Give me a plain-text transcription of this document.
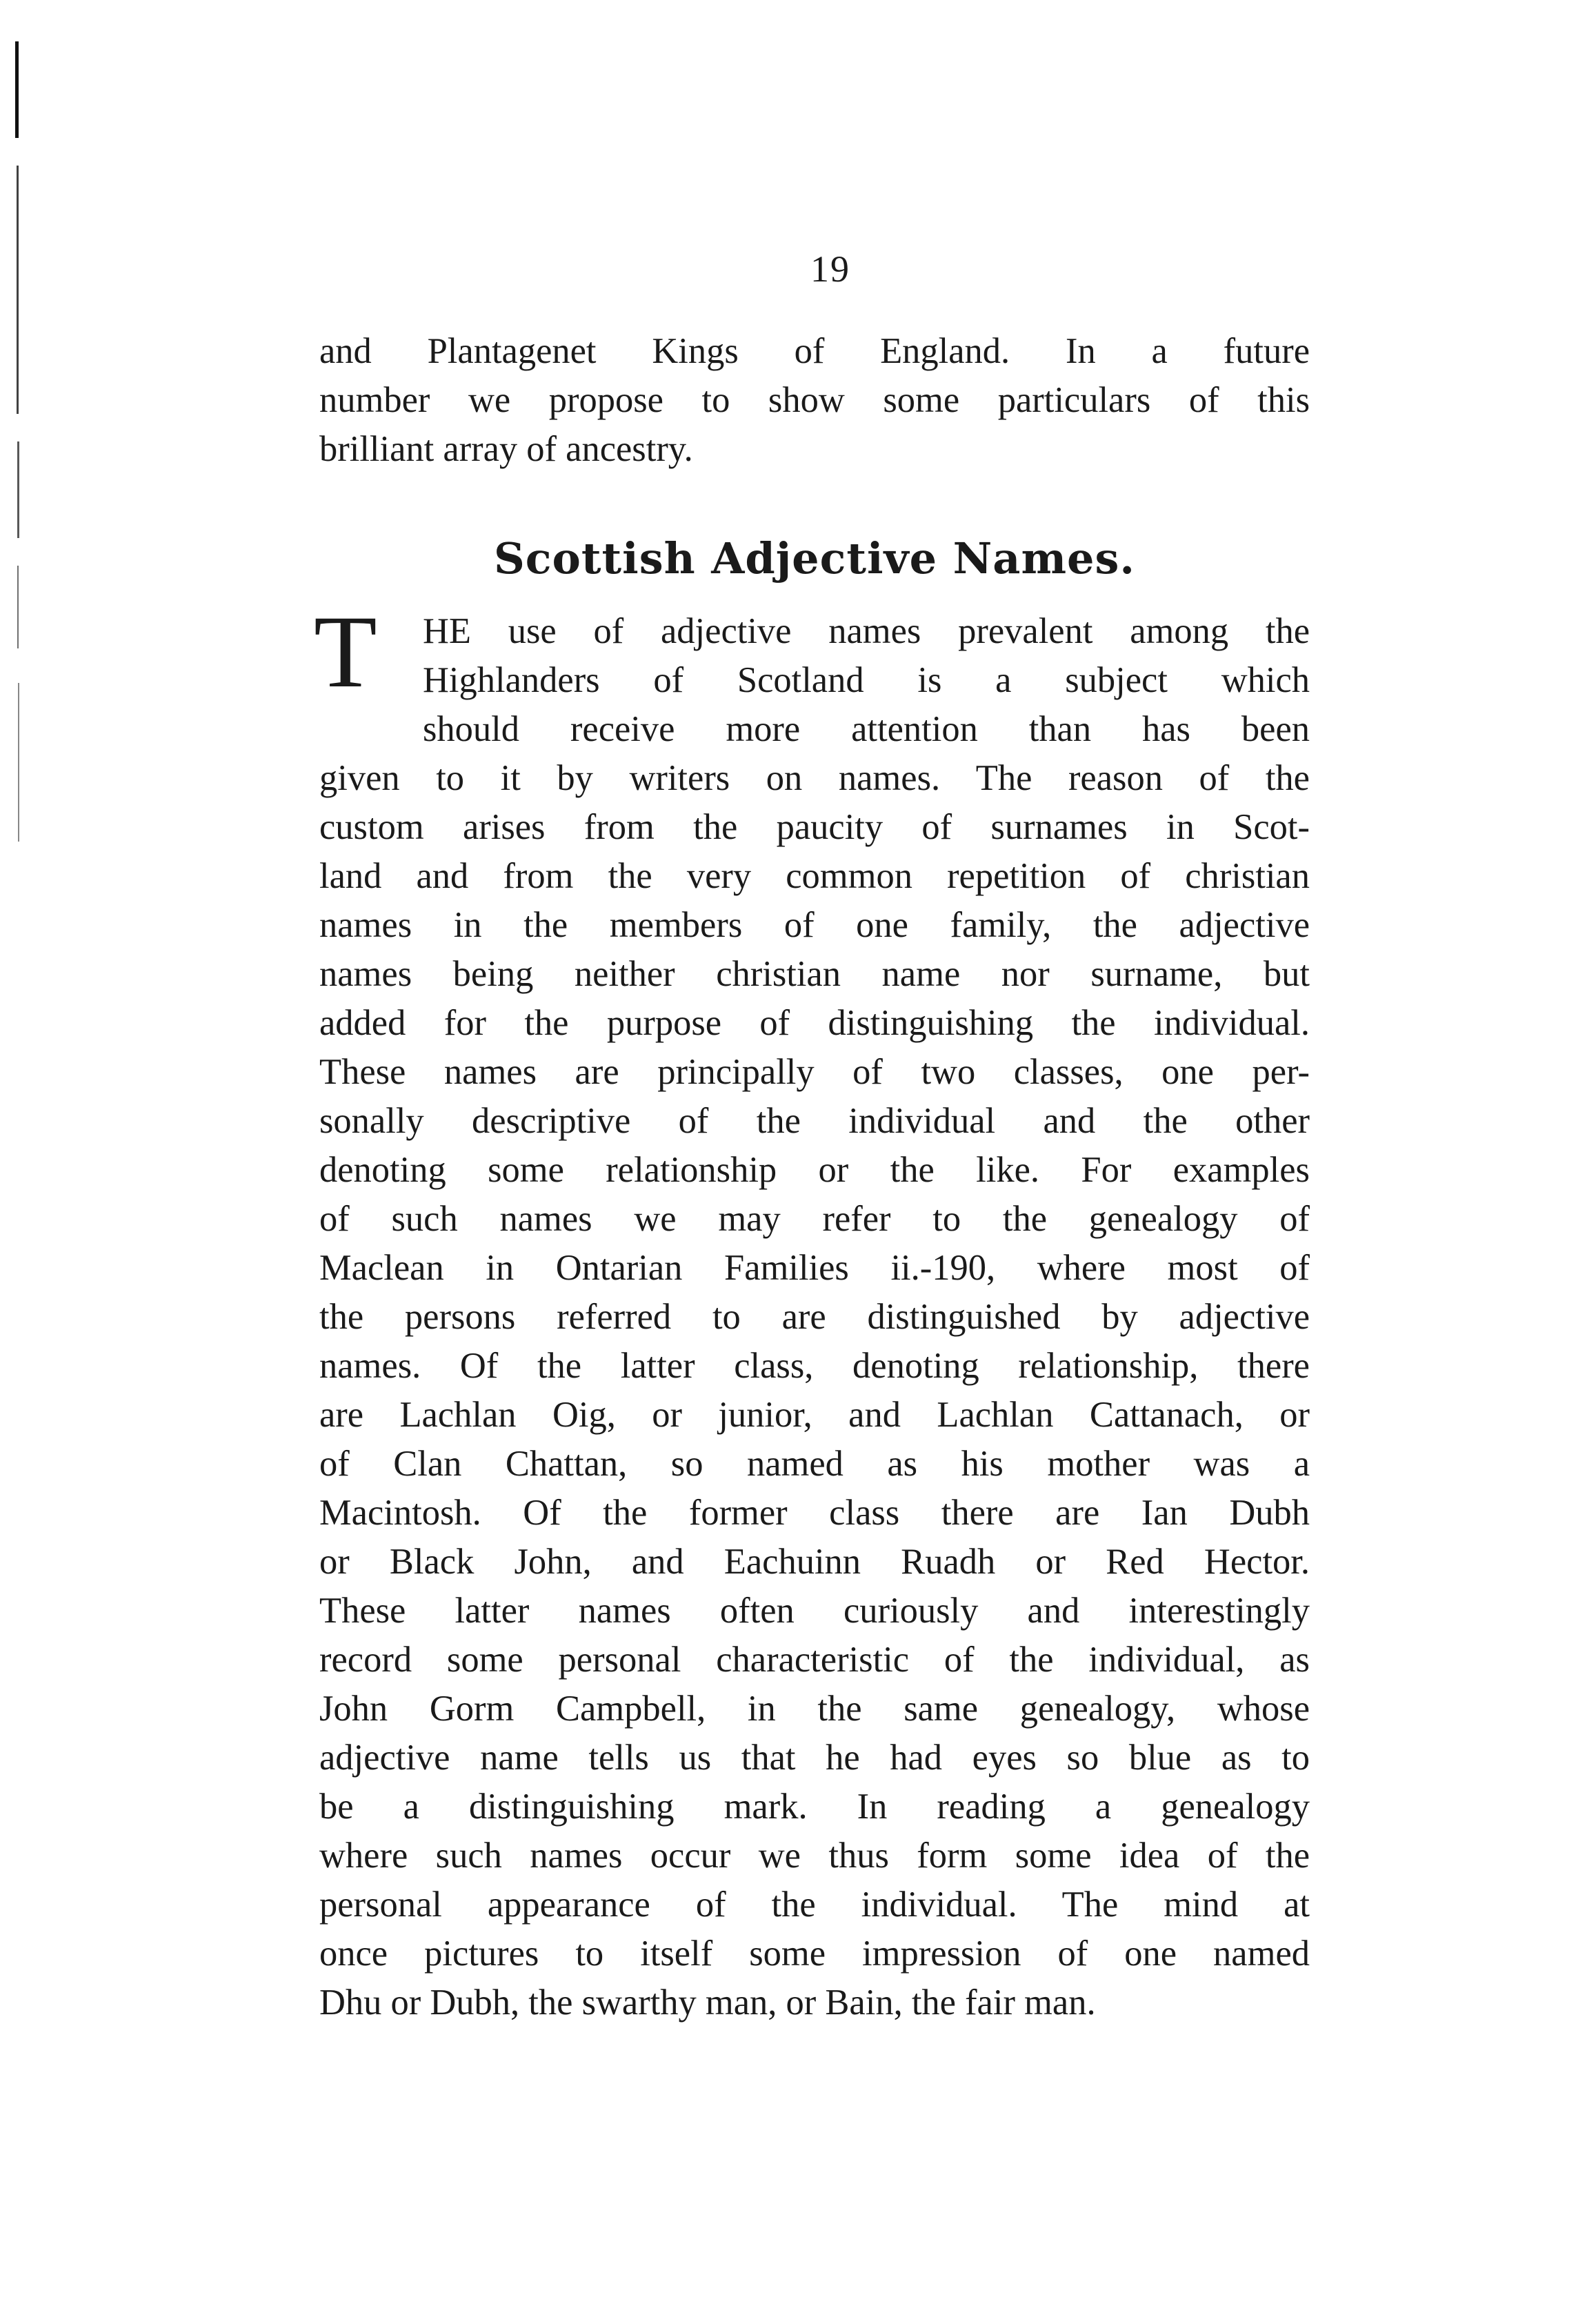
19
and Plantagenet Kings of England. In a future
number we propose to show some particulars of this
brilliant array of ancestry.
Scottish Adjective Names.
T	HE use of adjective names prevalent among the
Highlanders of Scotland is a subject which
should receive more attention than has been
given to it by writers on names. The reason of the
custom arises from the paucity of surnames in Scot-
land and from the very common repetition of christian
names in the members of one family, the adjective
names being neither christian name nor surname, but
added for the purpose of distinguishing the individual.
These names are principally of two classes, one per-
sonally descriptive of the individual and the other
denoting some relationship or the like. For examples
of such names we may refer to the genealogy of
Maclean in Ontarian Families ii.-190, where most of
the persons referred to are distinguished by adjective
names. Of the latter class, denoting relationship, there
are Lachlan Oig, or junior, and Lachlan Cattanach, or
of Clan Chattan, so named as his mother was a
Macintosh. Of the former class there are Ian Dubh
or Black John, and Eachuinn Ruadh or Red Hector.
These latter names often curiously and interestingly
record some personal characteristic of the individual, as
John Gorm Campbell, in the same genealogy, whose
adjective name tells us that he had eyes so blue as to
be a distinguishing mark. In reading a genealogy
where such names occur we thus form some idea of the
personal appearance of the individual. The mind at
once pictures to itself some impression of one named
Dhu or Dubh, the swarthy man, or Bain, the fair man.
